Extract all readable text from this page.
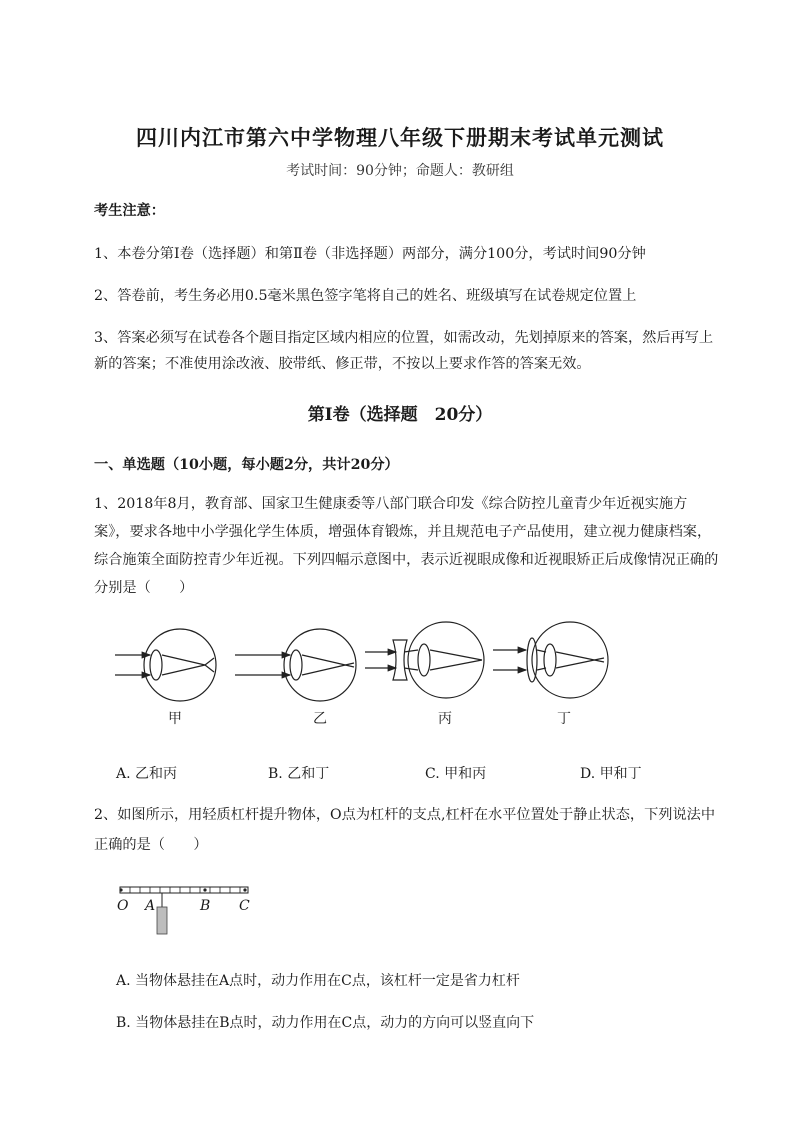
四川内江市第六中学物理八年级下册期末考试单元测试
考试时间：90分钟；命题人：教研组
考生注意：
1、本卷分第I卷（选择题）和第Ⅱ卷（非选择题）两部分，满分100分，考试时间90分钟
2、答卷前，考生务必用0.5毫米黑色签字笔将自己的姓名、班级填写在试卷规定位置上
3、答案必须写在试卷各个题目指定区域内相应的位置，如需改动，先划掉原来的答案，然后再写上新的答案；不准使用涂改液、胶带纸、修正带，不按以上要求作答的答案无效。
第I卷（选择题　20分）
一、单选题（10小题，每小题2分，共计20分）
1、2018年8月，教育部、国家卫生健康委等八部门联合印发《综合防控儿童青少年近视实施方案》，要求各地中小学强化学生体质，增强体育锻炼，并且规范电子产品使用，建立视力健康档案，综合施策全面防控青少年近视。下列四幅示意图中，表示近视眼成像和近视眼矫正后成像情况正确的分别是（　　）
甲	乙	丙	丁
A. 乙和丙	B. 乙和丁	C. 甲和丙	D. 甲和丁
2、如图所示，用轻质杠杆提升物体，O点为杠杆的支点,杠杆在水平位置处于静止状态，下列说法中正确的是（　　）
O A	B C
A. 当物体悬挂在A点时，动力作用在C点，该杠杆一定是省力杠杆
B. 当物体悬挂在B点时，动力作用在C点，动力的方向可以竖直向下
